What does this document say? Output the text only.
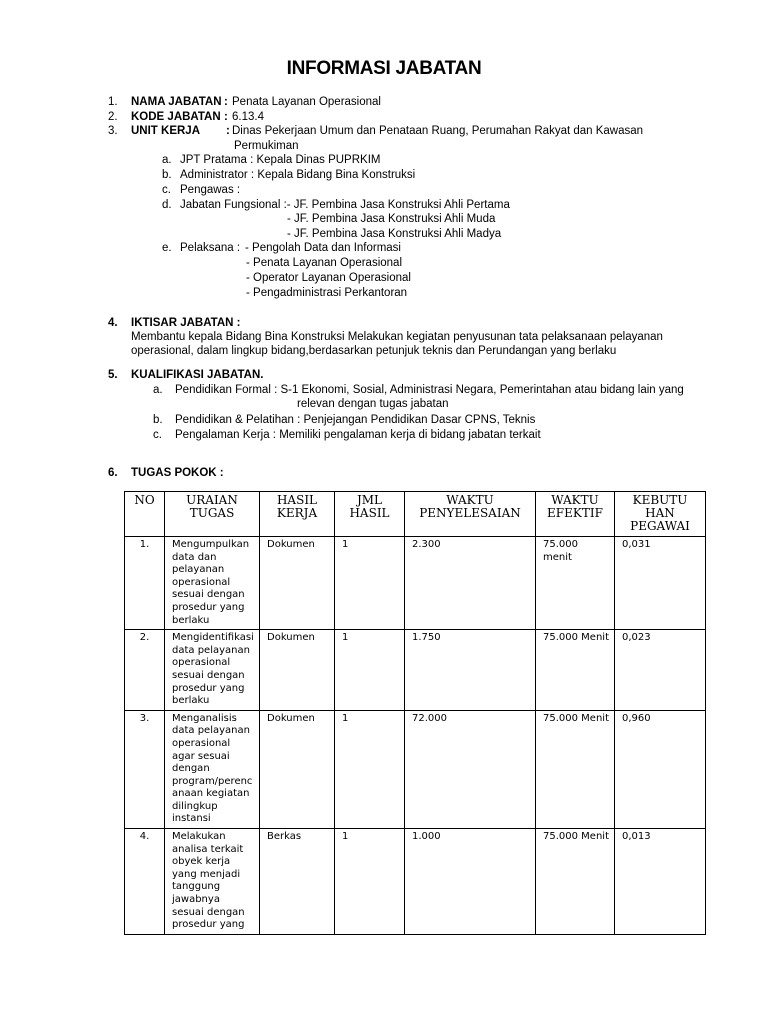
INFORMASI JABATAN
1. NAMA JABATAN : Penata Layanan Operasional
2. KODE JABATAN : 6.13.4
3. UNIT KERJA : Dinas Pekerjaan Umum dan Penataan Ruang, Perumahan Rakyat dan Kawasan
Permukiman
a. JPT Pratama : Kepala Dinas PUPRKIM
b. Administrator : Kepala Bidang Bina Konstruksi
c. Pengawas :
d. Jabatan Fungsional :- JF. Pembina Jasa Konstruksi Ahli Pertama
- JF. Pembina Jasa Konstruksi Ahli Muda
- JF. Pembina Jasa Konstruksi Ahli Madya
e. Pelaksana : - Pengolah Data dan Informasi
- Penata Layanan Operasional
- Operator Layanan Operasional
- Pengadministrasi Perkantoran
4. IKTISAR JABATAN :
Membantu kepala Bidang Bina Konstruksi Melakukan kegiatan penyusunan tata pelaksanaan pelayanan
operasional, dalam lingkup bidang,berdasarkan petunjuk teknis dan Perundangan yang berlaku
5. KUALIFIKASI JABATAN.
a. Pendidikan Formal : S-1 Ekonomi, Sosial, Administrasi Negara, Pemerintahan atau bidang lain yang
relevan dengan tugas jabatan
b. Pendidikan & Pelatihan : Penjejangan Pendidikan Dasar CPNS, Teknis
c. Pengalaman Kerja : Memiliki pengalaman kerja di bidang jabatan terkait
6. TUGAS POKOK :
NO	URAIAN TUGAS	HASIL KERJA	JML HASIL	WAKTU PENYELESAIAN	WAKTU EFEKTIF	KEBUTU HAN PEGAWAI
1.	Mengumpulkan data dan pelayanan operasional sesuai dengan prosedur yang berlaku	Dokumen	1	2.300	75.000 menit	0,031
2.	Mengidentifikasi data pelayanan operasional sesuai dengan prosedur yang berlaku	Dokumen	1	1.750	75.000 Menit	0,023
3.	Menganalisis data pelayanan operasional agar sesuai dengan program/perencanaan kegiatan dilingkup instansi	Dokumen	1	72.000	75.000 Menit	0,960
4.	Melakukan analisa terkait obyek kerja yang menjadi tanggung jawabnya sesuai dengan prosedur yang	Berkas	1	1.000	75.000 Menit	0,013
